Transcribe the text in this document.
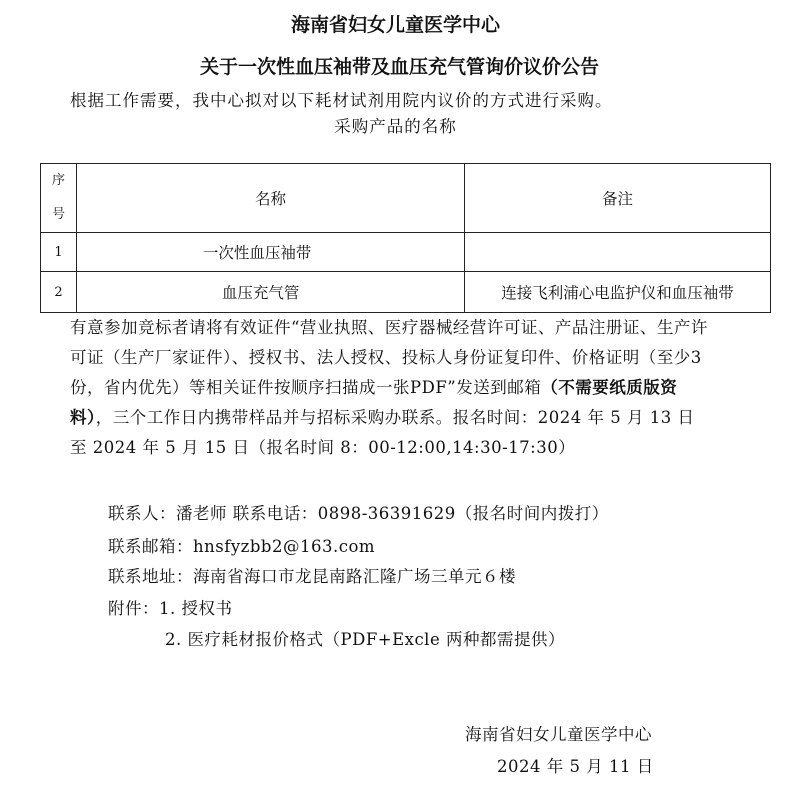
海南省妇女儿童医学中心
关于一次性血压袖带及血压充气管询价议价公告
根据工作需要，我中心拟对以下耗材试剂用院内议价的方式进行采购。
采购产品的名称
序
号	名称	备注
1	一次性血压袖带	
2	血压充气管	连接飞利浦心电监护仪和血压袖带
有意参加竞标者请将有效证件“营业执照、医疗器械经营许可证、产品注册证、生产许可证（生产厂家证件）、授权书、法人授权、投标人身份证复印件、价格证明（至少3份，省内优先）等相关证件按顺序扫描成一张PDF”发送到邮箱（不需要纸质版资料），三个工作日内携带样品并与招标采购办联系。报名时间：2024 年 5 月 13 日至 2024 年 5 月 15 日（报名时间 8：00-12:00,14:30-17:30）
联系人：潘老师 联系电话：0898-36391629（报名时间内拨打）
联系邮箱：hnsfyzbb2@163.com
联系地址：海南省海口市龙昆南路汇隆广场三单元６楼
附件：1. 授权书
2. 医疗耗材报价格式（PDF+Excle 两种都需提供）
海南省妇女儿童医学中心
2024 年 5 月 11 日
